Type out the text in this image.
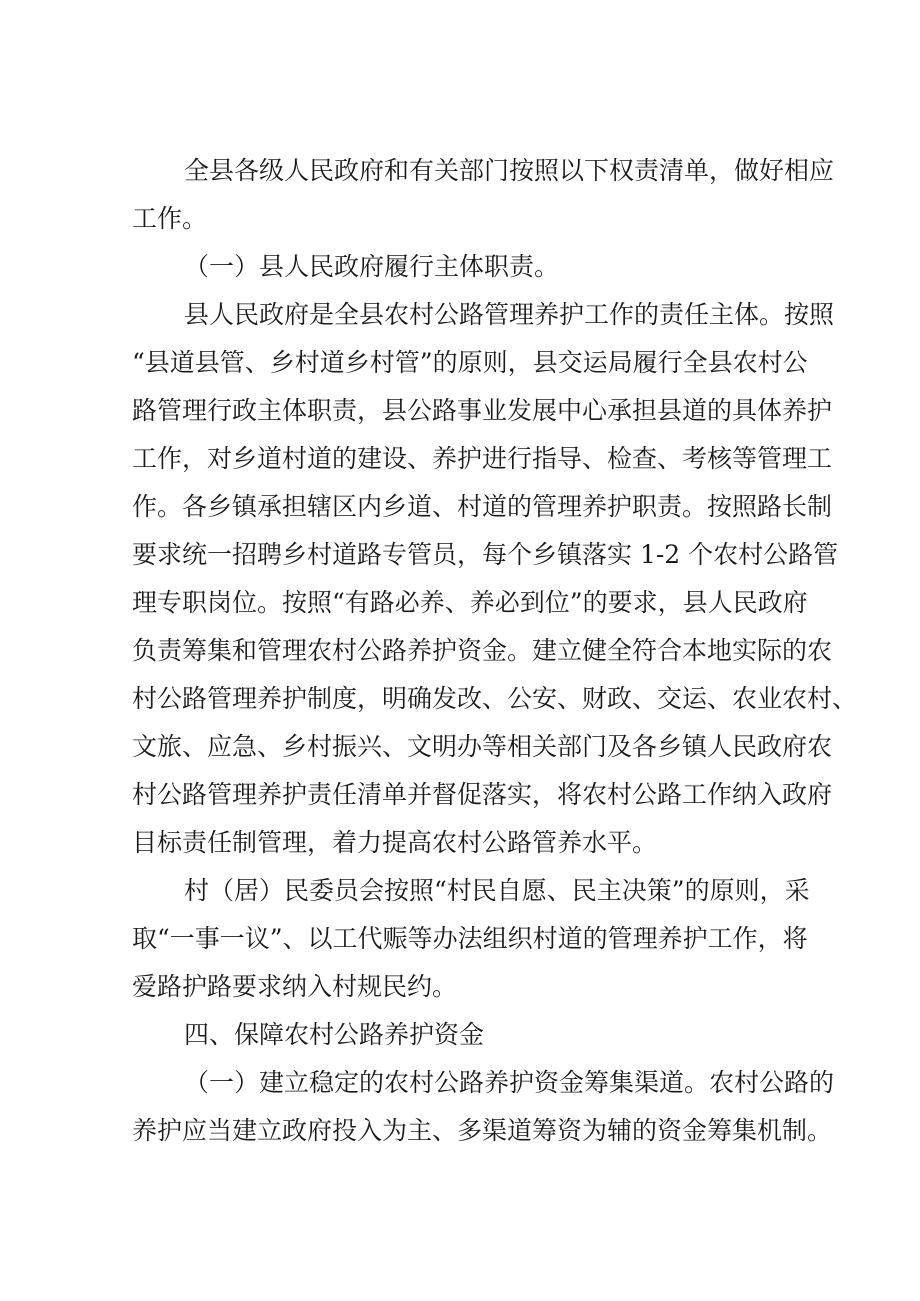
全县各级人民政府和有关部门按照以下权责清单，做好相应
工作。
（一）县人民政府履行主体职责。
县人民政府是全县农村公路管理养护工作的责任主体。按照
“县道县管、乡村道乡村管”的原则，县交运局履行全县农村公
路管理行政主体职责，县公路事业发展中心承担县道的具体养护
工作，对乡道村道的建设、养护进行指导、检查、考核等管理工
作。各乡镇承担辖区内乡道、村道的管理养护职责。按照路长制
要求统一招聘乡村道路专管员，每个乡镇落实 1-2 个农村公路管
理专职岗位。按照“有路必养、养必到位”的要求，县人民政府
负责筹集和管理农村公路养护资金。建立健全符合本地实际的农
村公路管理养护制度，明确发改、公安、财政、交运、农业农村、
文旅、应急、乡村振兴、文明办等相关部门及各乡镇人民政府农
村公路管理养护责任清单并督促落实，将农村公路工作纳入政府
目标责任制管理，着力提高农村公路管养水平。
村（居）民委员会按照“村民自愿、民主决策”的原则，采
取“一事一议”、以工代赈等办法组织村道的管理养护工作，将
爱路护路要求纳入村规民约。
四、保障农村公路养护资金
（一）建立稳定的农村公路养护资金筹集渠道。农村公路的
养护应当建立政府投入为主、多渠道筹资为辅的资金筹集机制。
